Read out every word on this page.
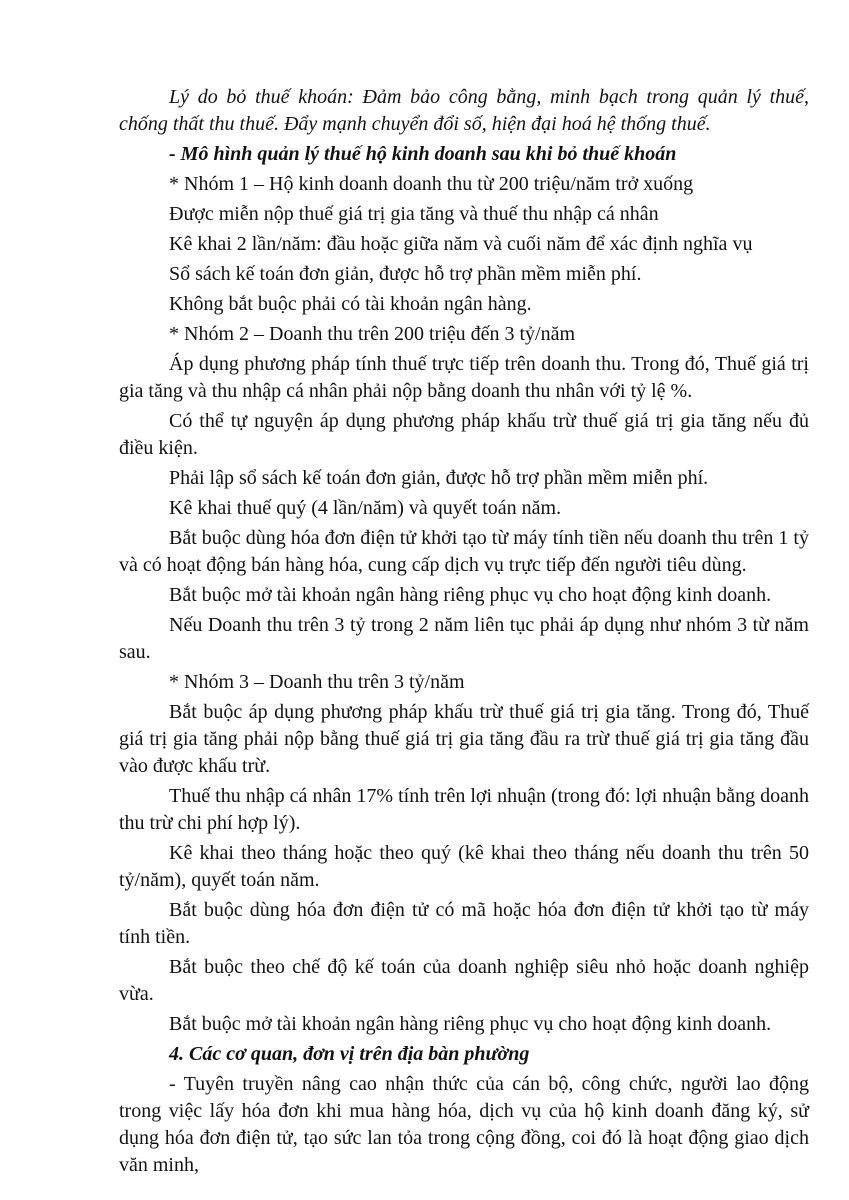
Lý do bỏ thuế khoán: Đảm bảo công bằng, minh bạch trong quản lý thuế, chống thất thu thuế. Đẩy mạnh chuyển đổi số, hiện đại hoá hệ thống thuế.

- Mô hình quản lý thuế hộ kinh doanh sau khi bỏ thuế khoán

* Nhóm 1 – Hộ kinh doanh doanh thu từ 200 triệu/năm trở xuống

Được miễn nộp thuế giá trị gia tăng và thuế thu nhập cá nhân

Kê khai 2 lần/năm: đầu hoặc giữa năm và cuối năm để xác định nghĩa vụ

Sổ sách kế toán đơn giản, được hỗ trợ phần mềm miễn phí.

Không bắt buộc phải có tài khoản ngân hàng.

* Nhóm 2 – Doanh thu trên 200 triệu đến 3 tỷ/năm

Áp dụng phương pháp tính thuế trực tiếp trên doanh thu. Trong đó, Thuế giá trị gia tăng và thu nhập cá nhân phải nộp bằng doanh thu nhân với tỷ lệ %.

Có thể tự nguyện áp dụng phương pháp khấu trừ thuế giá trị gia tăng nếu đủ điều kiện.

Phải lập sổ sách kế toán đơn giản, được hỗ trợ phần mềm miễn phí.

Kê khai thuế quý (4 lần/năm) và quyết toán năm.

Bắt buộc dùng hóa đơn điện tử khởi tạo từ máy tính tiền nếu doanh thu trên 1 tỷ và có hoạt động bán hàng hóa, cung cấp dịch vụ trực tiếp đến người tiêu dùng.

Bắt buộc mở tài khoản ngân hàng riêng phục vụ cho hoạt động kinh doanh.

Nếu Doanh thu trên 3 tỷ trong 2 năm liên tục phải áp dụng như nhóm 3 từ năm sau.

* Nhóm 3 – Doanh thu trên 3 tỷ/năm

Bắt buộc áp dụng phương pháp khấu trừ thuế giá trị gia tăng. Trong đó, Thuế giá trị gia tăng phải nộp bằng thuế giá trị gia tăng đầu ra trừ thuế giá trị gia tăng đầu vào được khấu trừ.

Thuế thu nhập cá nhân 17% tính trên lợi nhuận (trong đó: lợi nhuận bằng doanh thu trừ chi phí hợp lý).

Kê khai theo tháng hoặc theo quý (kê khai theo tháng nếu doanh thu trên 50 tỷ/năm), quyết toán năm.

Bắt buộc dùng hóa đơn điện tử có mã hoặc hóa đơn điện tử khởi tạo từ máy tính tiền.

Bắt buộc theo chế độ kế toán của doanh nghiệp siêu nhỏ hoặc doanh nghiệp vừa.

Bắt buộc mở tài khoản ngân hàng riêng phục vụ cho hoạt động kinh doanh.

4. Các cơ quan, đơn vị trên địa bàn phường

- Tuyên truyền nâng cao nhận thức của cán bộ, công chức, người lao động trong việc lấy hóa đơn khi mua hàng hóa, dịch vụ của hộ kinh doanh đăng ký, sử dụng hóa đơn điện tử, tạo sức lan tỏa trong cộng đồng, coi đó là hoạt động giao dịch văn minh,
